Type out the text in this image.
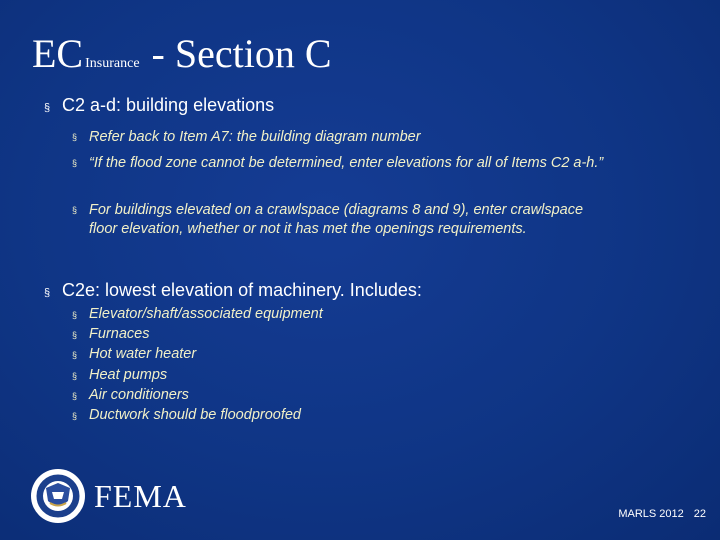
EC Insurance - Section C
§ C2 a-d: building elevations
§ Refer back to Item A7: the building diagram number
§ “If the flood zone cannot be determined, enter elevations for all of Items C2 a-h.”
§ For buildings elevated on a crawlspace (diagrams 8 and 9), enter crawlspace floor elevation, whether or not it has met the openings requirements.
§ C2e: lowest elevation of machinery. Includes:
§ Elevator/shaft/associated equipment
§ Furnaces
§ Hot water heater
§ Heat pumps
§ Air conditioners
§ Ductwork should be floodproofed
FEMA
MARLS 2012 22
